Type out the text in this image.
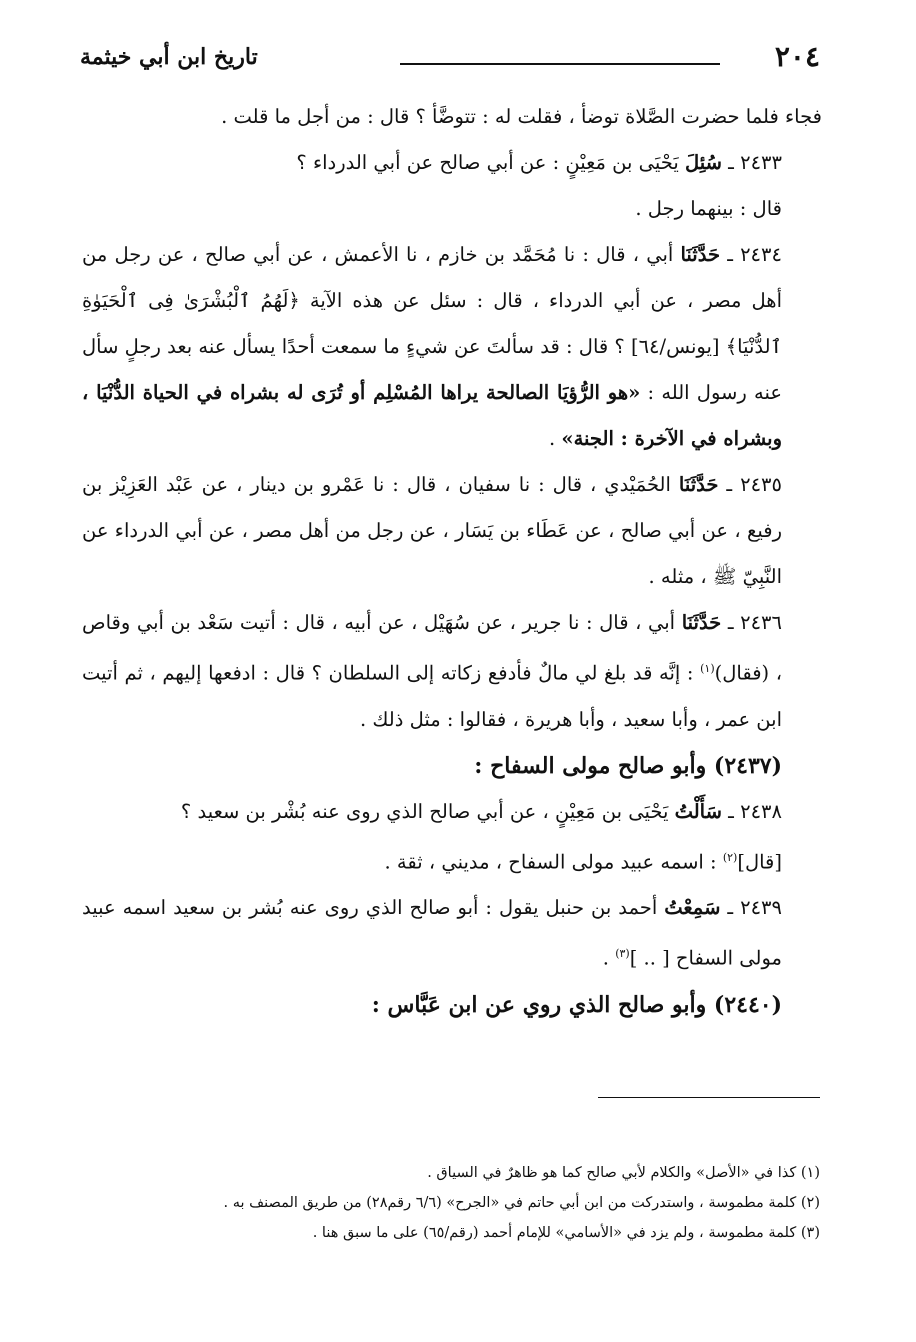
٢٠٤
تاريخ ابن أبي خيثمة

فجاء فلما حضرت الصَّلاة توضأ ، فقلت له : تتوضَّأ ؟ قال : من أجل ما قلت .

٢٤٣٣ ـ سُئِلَ يَحْيَى بن مَعِيْنٍ : عن أبي صالح عن أبي الدرداء ؟

قال : بينهما رجل .

٢٤٣٤ ـ حَدَّثَنَا أبي ، قال : نا مُحَمَّد بن خازم ، نا الأعمش ، عن أبي صالح ، عن رجل من أهل مصر ، عن أبي الدرداء ، قال : سئل عن هذه الآية ﴿لَهُمُ ٱلْبُشْرَىٰ فِى ٱلْحَيَوٰةِ ٱلدُّنْيَا﴾ [يونس/٦٤] ؟ قال : قد سألتَ عن شيءٍ ما سمعت أحدًا يسأل عنه بعد رجلٍ سأل عنه رسول الله : «هو الرُّؤيَا الصالحة يراها المُسْلِم أو تُرَى له بشراه في الحياة الدُّنْيَا ، وبشراه في الآخرة : الجنة» .

٢٤٣٥ ـ حَدَّثَنَا الحُمَيْدي ، قال : نا سفيان ، قال : نا عَمْرو بن دينار ، عن عَبْد العَزِيْز بن رفيع ، عن أبي صالح ، عن عَطَاء بن يَسَار ، عن رجل من أهل مصر ، عن أبي الدرداء عن النَّبِيّ ﷺ ، مثله .

٢٤٣٦ ـ حَدَّثَنَا أبي ، قال : نا جرير ، عن سُهَيْل ، عن أبيه ، قال : أتيت سَعْد بن أبي وقاص ، (فقال)$^{(١)}$ : إنَّه قد بلغ لي مالٌ فأدفع زكاته إلى السلطان ؟ قال : ادفعها إليهم ، ثم أتيت ابن عمر ، وأبا سعيد ، وأبا هريرة ، فقالوا : مثل ذلك .

(٢٤٣٧) وأبو صالح مولى السفاح :

٢٤٣٨ ـ سَأَلْتُ يَحْيَى بن مَعِيْنٍ ، عن أبي صالح الذي روى عنه بُشْر بن سعيد ؟

[قال]$^{(٢)}$ : اسمه عبيد مولى السفاح ، مديني ، ثقة .

٢٤٣٩ ـ سَمِعْتُ أحمد بن حنبل يقول : أبو صالح الذي روى عنه بُشر بن سعيد اسمه عبيد مولى السفاح [ .. ]$^{(٣)}$ .

(٢٤٤٠) وأبو صالح الذي روي عن ابن عَبَّاس :

(١) كذا في «الأصل» والكلام لأبي صالح كما هو ظاهرٌ في السياق .

(٢) كلمة مطموسة ، واستدركت من ابن أبي حاتم في «الجرح» (٦/٦ رقم٢٨) من طريق المصنف به .

(٣) كلمة مطموسة ، ولم يزد في «الأسامي» للإمام أحمد (رقم/٦٥) على ما سبق هنا .
